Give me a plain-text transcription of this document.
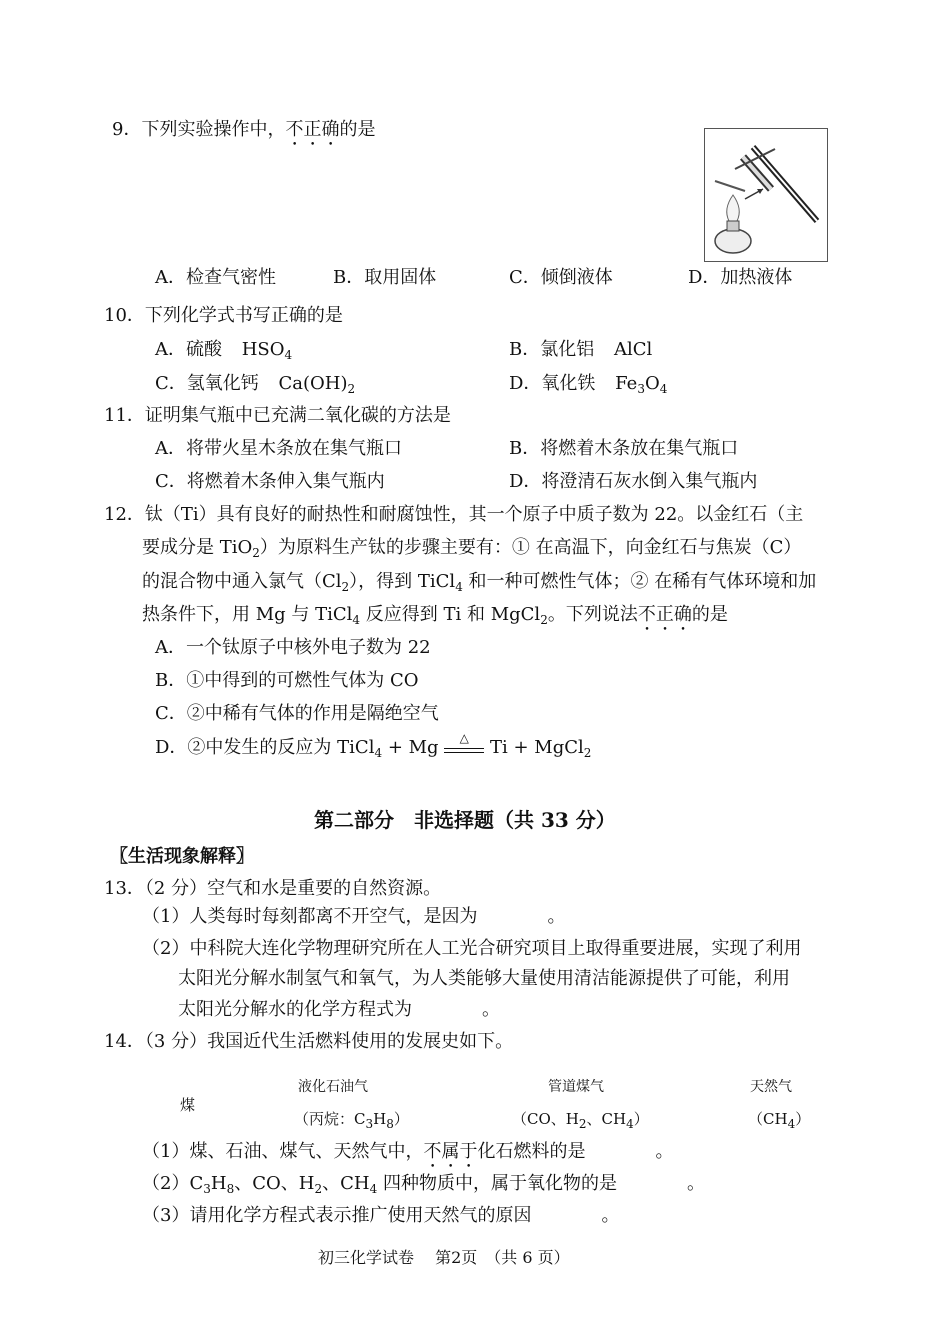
9．下列实验操作中，不正确的是
A．检查气密性	B．取用固体	C．倾倒液体	D．加热液体
10．下列化学式书写正确的是
A．硫酸 $HSO_4$	B．氯化铝 AlCl
C．氢氧化钙 $Ca(OH)_2$	D．氧化铁 $Fe_3O_4$
11．证明集气瓶中已充满二氧化碳的方法是
A．将带火星木条放在集气瓶口	B．将燃着木条放在集气瓶口
C．将燃着木条伸入集气瓶内	D．将澄清石灰水倒入集气瓶内
12．钛（Ti）具有良好的耐热性和耐腐蚀性，其一个原子中质子数为 22。以金红石（主
要成分是 TiO$_2$）为原料生产钛的步骤主要有：① 在高温下，向金红石与焦炭（C）
的混合物中通入氯气$(Cl_2)$，得到 TiCl$_4$ 和一种可燃性气体；② 在稀有气体环境和加
热条件下，用 Mg 与 TiCl$_4$ 反应得到 Ti 和 MgCl$_2$。下列说法不正确的是
A．一个钛原子中核外电子数为 22
B．①中得到的可燃性气体为 CO
C．②中稀有气体的作用是隔绝空气
D．②中发生的反应为 TiCl$_4$ + Mg	△ Ti + MgCl$_2$
第二部分　非选择题（共 33 分）
〖生活现象解释〗
13．（2 分）空气和水是重要的自然资源。
（1）人类每时每刻都离不开空气，是因为	。
（2）中科院大连化学物理研究所在人工光合研究项目上取得重要进展，实现了利用
太阳光分解水制氢气和氧气，为人类能够大量使用清洁能源提供了可能，利用
太阳光分解水的化学方程式为	。
14．（3 分）我国近代生活燃料使用的发展史如下。
煤
液化石油气
（丙烷：$C_3H_8$）
管道煤气
（CO、$H_2$、$CH_4$）
天然气
$(CH_4)$
（1）煤、石油、煤气、天然气中，不属于化石燃料的是	。
$(2)C_3H_8$、CO、$H_2$、$CH_4$ 四种物质中，属于氧化物的是	。
（3）请用化学方程式表示推广使用天然气的原因	。
初三化学试卷　 第2页　（共 6 页）
